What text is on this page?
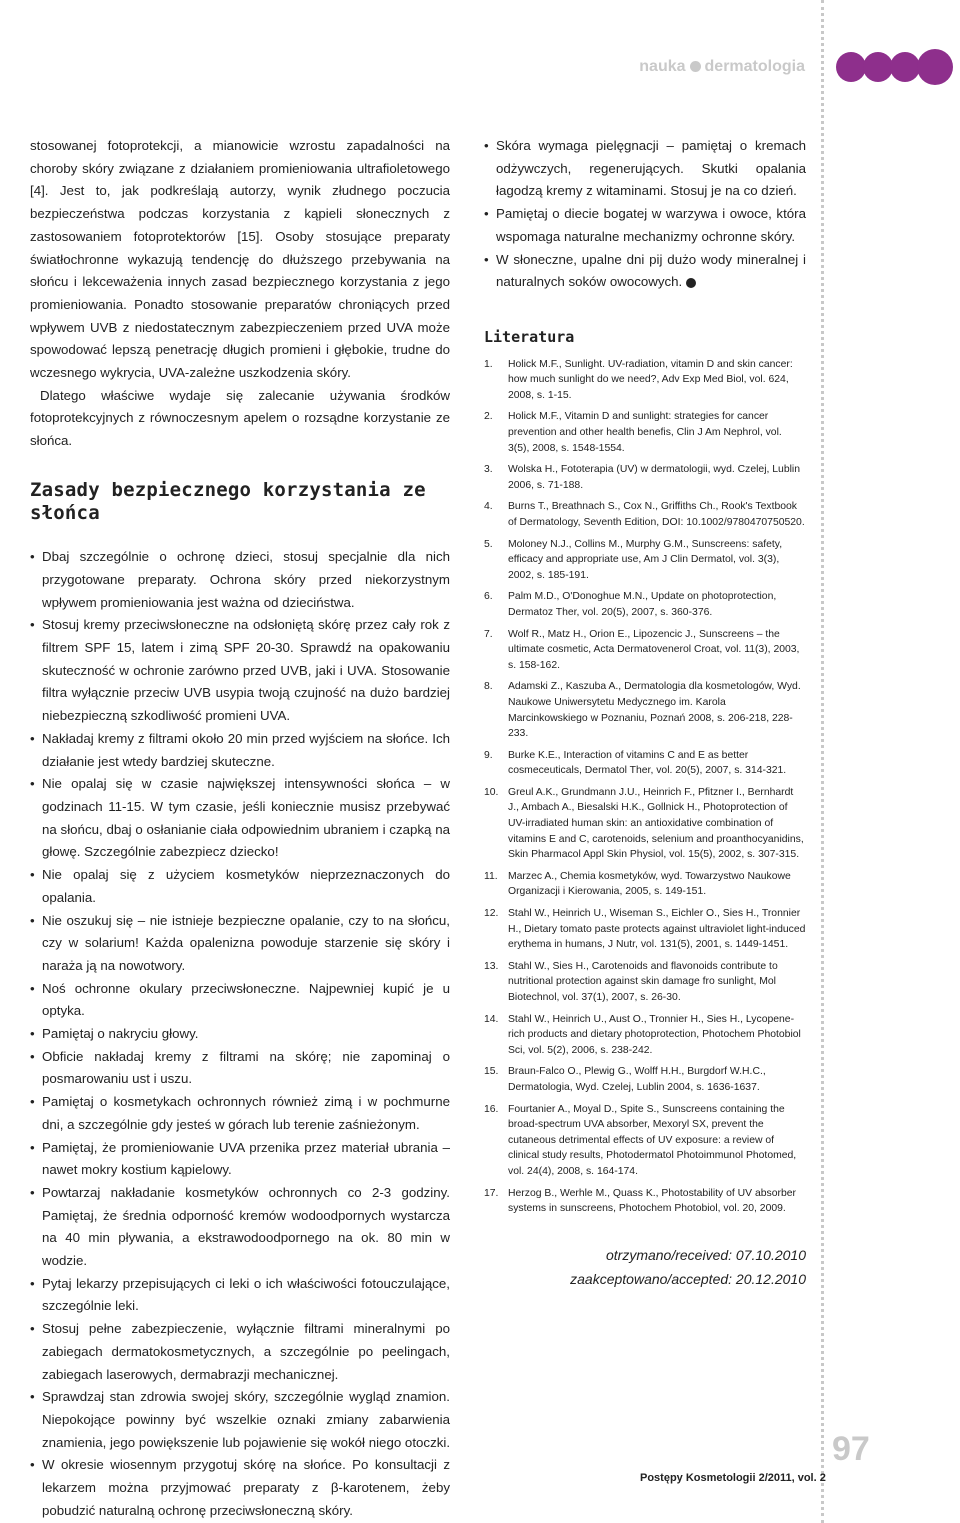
nauka dermatologia

stosowanej fotoprotekcji, a mianowicie wzrostu zapadalności na choroby skóry związane z działaniem promieniowania ultrafioletowego [4]. Jest to, jak podkreślają autorzy, wynik złudnego poczucia bezpieczeństwa podczas korzystania z kąpieli słonecznych z zastosowaniem fotoprotektorów [15]. Osoby stosujące preparaty światłochronne wykazują tendencję do dłuższego przebywania na słońcu i lekceważenia innych zasad bezpiecznego korzystania z jego promieniowania. Ponadto stosowanie preparatów chroniących przed wpływem UVB z niedostatecznym zabezpieczeniem przed UVA może spowodować lepszą penetrację długich promieni i głębokie, trudne do wczesnego wykrycia, UVA-zależne uszkodzenia skóry.

Dlatego właściwe wydaje się zalecanie używania środków fotoprotekcyjnych z równoczesnym apelem o rozsądne korzystanie ze słońca.

Zasady bezpiecznego korzystania ze słońca
• Dbaj szczególnie o ochronę dzieci, stosuj specjalnie dla nich przygotowane preparaty. Ochrona skóry przed niekorzystnym wpływem promieniowania jest ważna od dzieciństwa.
• Stosuj kremy przeciwsłoneczne na odsłoniętą skórę przez cały rok z filtrem SPF 15, latem i zimą SPF 20-30. Sprawdź na opakowaniu skuteczność w ochronie zarówno przed UVB, jaki i UVA. Stosowanie filtra wyłącznie przeciw UVB usypia twoją czujność na dużo bardziej niebezpieczną szkodliwość promieni UVA.
• Nakładaj kremy z filtrami około 20 min przed wyjściem na słońce. Ich działanie jest wtedy bardziej skuteczne.
• Nie opalaj się w czasie największej intensywności słońca – w godzinach 11-15. W tym czasie, jeśli koniecznie musisz przebywać na słońcu, dbaj o osłanianie ciała odpowiednim ubraniem i czapką na głowę. Szczególnie zabezpiecz dziecko!
• Nie opalaj się z użyciem kosmetyków nieprzeznaczonych do opalania.
• Nie oszukuj się – nie istnieje bezpieczne opalanie, czy to na słońcu, czy w solarium! Każda opalenizna powoduje starzenie się skóry i naraża ją na nowotwory.
• Noś ochronne okulary przeciwsłoneczne. Najpewniej kupić je u optyka.
• Pamiętaj o nakryciu głowy.
• Obficie nakładaj kremy z filtrami na skórę; nie zapominaj o posmarowaniu ust i uszu.
• Pamiętaj o kosmetykach ochronnych również zimą i w pochmurne dni, a szczególnie gdy jesteś w górach lub terenie zaśnieżonym.
• Pamiętaj, że promieniowanie UVA przenika przez materiał ubrania – nawet mokry kostium kąpielowy.
• Powtarzaj nakładanie kosmetyków ochronnych co 2-3 godziny. Pamiętaj, że średnia odporność kremów wodoodpornych wystarcza na 40 min pływania, a ekstrawodoodpornego na ok. 80 min w wodzie.
• Pytaj lekarzy przepisujących ci leki o ich właściwości fotouczulające, szczególnie leki.
• Stosuj pełne zabezpieczenie, wyłącznie filtrami mineralnymi po zabiegach dermatokosmetycznych, a szczególnie po peelingach, zabiegach laserowych, dermabrazji mechanicznej.
• Sprawdzaj stan zdrowia swojej skóry, szczególnie wygląd znamion. Niepokojące powinny być wszelkie oznaki zmiany zabarwienia znamienia, jego powiększenie lub pojawienie się wokół niego otoczki.
• W okresie wiosennym przygotuj skórę na słońce. Po konsultacji z lekarzem można przyjmować preparaty z β-karotenem, żeby pobudzić naturalną ochronę przeciwsłoneczną skóry.
• Skóra wymaga pielęgnacji – pamiętaj o kremach odżywczych, regenerujących. Skutki opalania łagodzą kremy z witaminami. Stosuj je na co dzień.
• Pamiętaj o diecie bogatej w warzywa i owoce, która wspomaga naturalne mechanizmy ochronne skóry.
• W słoneczne, upalne dni pij dużo wody mineralnej i naturalnych soków owocowych.
Literatura
1. Holick M.F., Sunlight. UV-radiation, vitamin D and skin cancer: how much sunlight do we need?, Adv Exp Med Biol, vol. 624, 2008, s. 1-15.
2. Holick M.F., Vitamin D and sunlight: strategies for cancer prevention and other health benefis, Clin J Am Nephrol, vol. 3(5), 2008, s. 1548-1554.
3. Wolska H., Fototerapia (UV) w dermatologii, wyd. Czelej, Lublin 2006, s. 71-188.
4. Burns T., Breathnach S., Cox N., Griffiths Ch., Rook's Textbook of Dermatology, Seventh Edition, DOI: 10.1002/9780470750520.
5. Moloney N.J., Collins M., Murphy G.M., Sunscreens: safety, efficacy and appropriate use, Am J Clin Dermatol, vol. 3(3), 2002, s. 185-191.
6. Palm M.D., O'Donoghue M.N., Update on photoprotection, Dermatoz Ther, vol. 20(5), 2007, s. 360-376.
7. Wolf R., Matz H., Orion E., Lipozencic J., Sunscreens – the ultimate cosmetic, Acta Dermatovenerol Croat, vol. 11(3), 2003, s. 158-162.
8. Adamski Z., Kaszuba A., Dermatologia dla kosmetologów, Wyd. Naukowe Uniwersytetu Medycznego im. Karola Marcinkowskiego w Poznaniu, Poznań 2008, s. 206-218, 228-233.
9. Burke K.E., Interaction of vitamins C and E as better cosmeceuticals, Dermatol Ther, vol. 20(5), 2007, s. 314-321.
10. Greul A.K., Grundmann J.U., Heinrich F., Pfitzner I., Bernhardt J., Ambach A., Biesalski H.K., Gollnick H., Photoprotection of UV-irradiated human skin: an antioxidative combination of vitamins E and C, carotenoids, selenium and proanthocyanidins, Skin Pharmacol Appl Skin Physiol, vol. 15(5), 2002, s. 307-315.
11. Marzec A., Chemia kosmetyków, wyd. Towarzystwo Naukowe Organizacji i Kierowania, 2005, s. 149-151.
12. Stahl W., Heinrich U., Wiseman S., Eichler O., Sies H., Tronnier H., Dietary tomato paste protects against ultraviolet light-induced erythema in humans, J Nutr, vol. 131(5), 2001, s. 1449-1451.
13. Stahl W., Sies H., Carotenoids and flavonoids contribute to nutritional protection against skin damage fro sunlight, Mol Biotechnol, vol. 37(1), 2007, s. 26-30.
14. Stahl W., Heinrich U., Aust O., Tronnier H., Sies H., Lycopene-rich products and dietary photoprotection, Photochem Photobiol Sci, vol. 5(2), 2006, s. 238-242.
15. Braun-Falco O., Plewig G., Wolff H.H., Burgdorf W.H.C., Dermatologia, Wyd. Czelej, Lublin 2004, s. 1636-1637.
16. Fourtanier A., Moyal D., Spite S., Sunscreens containing the broad-spectrum UVA absorber, Mexoryl SX, prevent the cutaneous detrimental effects of UV exposure: a review of clinical study results, Photodermatol Photoimmunol Photomed, vol. 24(4), 2008, s. 164-174.
17. Herzog B., Werhle M., Quass K., Photostability of UV absorber systems in sunscreens, Photochem Photobiol, vol. 20, 2009.
otrzymano/received: 07.10.2010
zaakceptowano/accepted: 20.12.2010
Postępy Kosmetologii 2/2011, vol. 2
97
